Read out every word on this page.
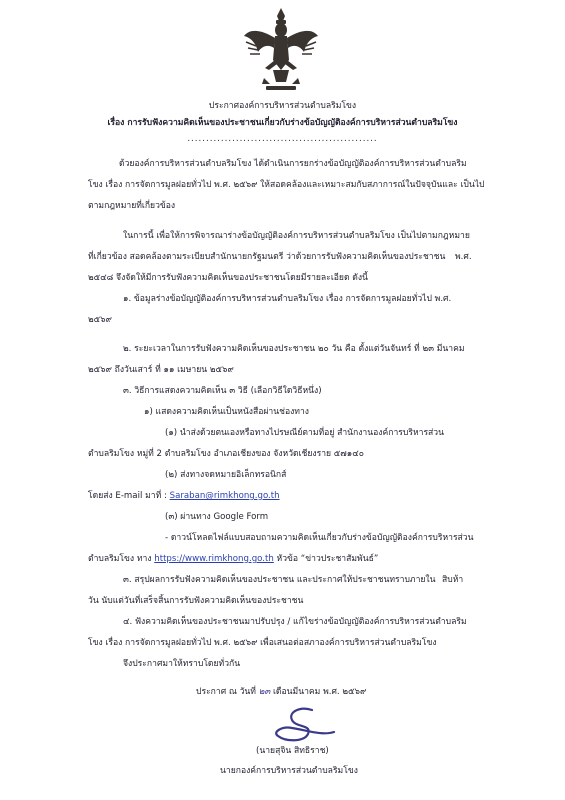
ประกาศองค์การบริหารส่วนตำบลริมโขง
เรื่อง การรับฟังความคิดเห็นของประชาชนเกี่ยวกับร่างข้อบัญญัติองค์การบริหารส่วนตำบลริมโขง
...................................................
ด้วยองค์การบริหารส่วนตำบลริมโขง ได้ดำเนินการยกร่างข้อบัญญัติองค์การบริหารส่วนตำบลริม
โขง เรื่อง การจัดการมูลฝอยทั่วไป พ.ศ. ๒๕๖๙ ให้สอดคล้องและเหมาะสมกับสภาการณ์ในปัจจุบันและ เป็นไป
ตามกฎหมายที่เกี่ยวข้อง
ในการนี้ เพื่อให้การพิจารณาร่างข้อบัญญัติองค์การบริหารส่วนตำบลริมโขง เป็นไปตามกฎหมาย
ที่เกี่ยวข้อง สอดคล้องตามระเบียบสำนักนายกรัฐมนตรี ว่าด้วยการรับฟังความคิดเห็นของประชาชน พ.ศ.
๒๕๔๘ จึงจัดให้มีการรับฟังความคิดเห็นของประชาชนโดยมีรายละเอียด ดังนี้
๑. ข้อมูลร่างข้อบัญญัติองค์การบริหารส่วนตำบลริมโขง เรื่อง การจัดการมูลฝอยทั่วไป พ.ศ.
๒๕๖๙
๒. ระยะเวลาในการรับฟังความคิดเห็นของประชาชน ๒๐ วัน คือ ตั้งแต่วันจันทร์ ที่ ๒๓ มีนาคม
๒๕๖๙ ถึงวันเสาร์ ที่ ๑๑ เมษายน ๒๕๖๙
๓. วิธีการแสดงความคิดเห็น ๓ วิธี (เลือกวิธีใดวิธีหนึ่ง)
๑) แสดงความคิดเห็นเป็นหนังสือผ่านช่องทาง
(๑) นำส่งด้วยตนเองหรือทางไปรษณีย์ตามที่อยู่ สำนักงานองค์การบริหารส่วน
ตำบลริมโขง หมู่ที่ 2 ตำบลริมโขง อำเภอเชียงของ จังหวัดเชียงราย ๕๗๑๔๐
(๒) ส่งทางจดหมายอิเล็กทรอนิกส์
โดยส่ง E-mail มาที่ : Saraban@rimkhong.go.th
(๓) ผ่านทาง Google Form
- ดาวน์โหลดไฟล์แบบสอบถามความคิดเห็นเกี่ยวกับร่างข้อบัญญัติองค์การบริหารส่วน
ตำบลริมโขง ทาง https://www.rimkhong.go.th หัวข้อ “ข่าวประชาสัมพันธ์”
๓. สรุปผลการรับฟังความคิดเห็นของประชาชน และประกาศให้ประชาชนทราบภายใน สิบห้า
วัน นับแต่วันที่เสร็จสิ้นการรับฟังความคิดเห็นของประชาชน
๔. ฟังความคิดเห็นของประชาชนมาปรับปรุง / แก้ไขร่างข้อบัญญัติองค์การบริหารส่วนตำบลริม
โขง เรื่อง การจัดการมูลฝอยทั่วไป พ.ศ. ๒๕๖๙ เพื่อเสนอต่อสภาองค์การบริหารส่วนตำบลริมโขง
จึงประกาศมาให้ทราบโดยทั่วกัน
ประกาศ ณ วันที่ ๒๓ เดือนมีนาคม พ.ศ. ๒๕๖๙
(นายสุจิน สิทธิราช)
นายกองค์การบริหารส่วนตำบลริมโขง
